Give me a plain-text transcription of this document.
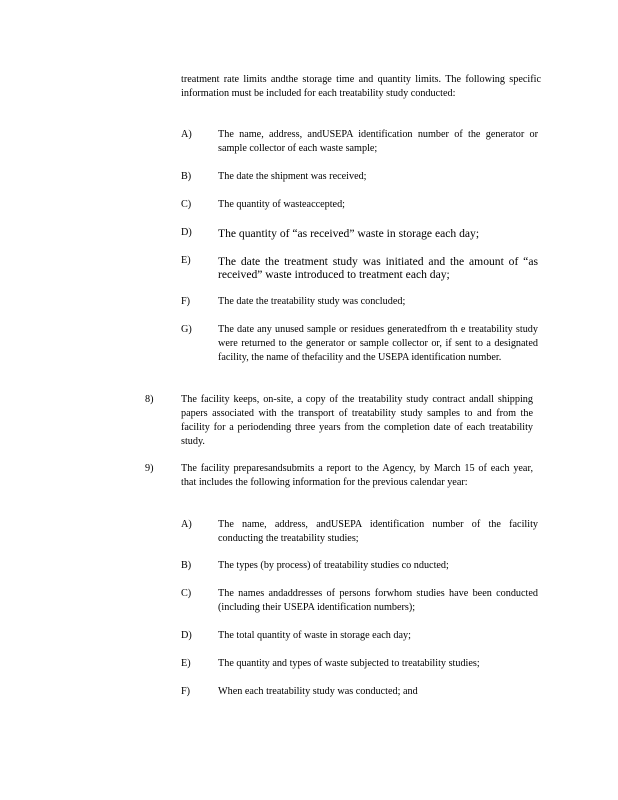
treatment rate limits andthe storage time and quantity limits. The following specific information must be included for each treatability study conducted:
A)	The name, address, andUSEPA identification number of the generator or sample collector of each waste sample;
B)	The date the shipment was received;
C)	The quantity of wasteaccepted;
D) The quantity of “as received” waste in storage each day;
E) The date the treatment study was initiated and the amount of “as received” waste introduced to treatment each day;
F)	The date the treatability study was concluded;
G)	The date any unused sample or residues generatedfrom th e treatability study were returned to the generator or sample collector or, if sent to a designated facility, the name of thefacility and the USEPA identification number.
8)	The facility keeps, on-site, a copy of the treatability study contract andall shipping papers associated with the transport of treatability study samples to and from the facility for a periodending three years from the completion date of each treatability study.
9)	The facility preparesandsubmits a report to the Agency, by March 15 of each year, that includes the following information for the previous calendar year:
A)	The name, address, andUSEPA identification number of the facility conducting the treatability studies;
B)	The types (by process) of treatability studies co nducted;
C)	The names andaddresses of persons forwhom studies have been conducted (including their USEPA identification numbers);
D)	The total quantity of waste in storage each day;
E)	The quantity and types of waste subjected to treatability studies;
F)	When each treatability study was conducted; and
